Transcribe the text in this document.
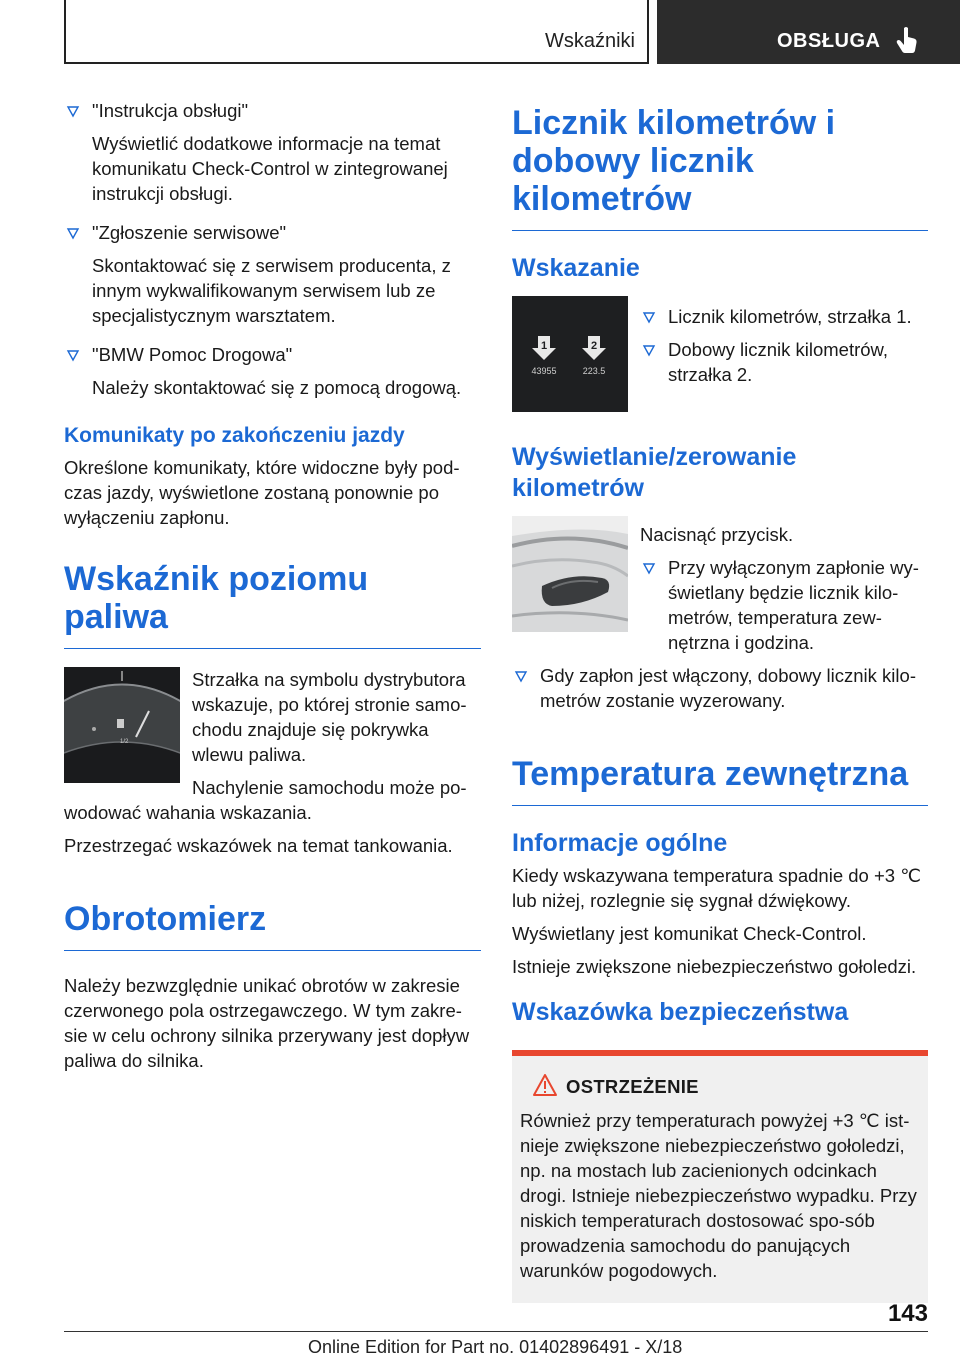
Wskaźniki	OBSŁUGA
"Instrukcja obsługi"
Wyświetlić dodatkowe informacje na temat komunikatu Check-Control w zintegrowanej instrukcji obsługi.
"Zgłoszenie serwisowe"
Skontaktować się z serwisem producenta, z innym wykwalifikowanym serwisem lub ze specjalistycznym warsztatem.
"BMW Pomoc Drogowa"
Należy skontaktować się z pomocą drogową.
Komunikaty po zakończeniu jazdy

Określone komunikaty, które widoczne były pod-czas jazdy, wyświetlone zostaną ponownie po wyłączeniu zapłonu.

Wskaźnik poziomu paliwa
1/2

Strzałka na symbolu dystrybutora wskazuje, po której stronie samo-chodu znajduje się pokrywka wlewu paliwa.

Nachylenie samochodu może po-wodować wahania wskazania.

Przestrzegać wskazówek na temat tankowania.

Obrotomierz

Należy bezwzględnie unikać obrotów w zakresie czerwonego pola ostrzegawczego. W tym zakre-sie w celu ochrony silnika przerywany jest dopływ paliwa do silnika.

Licznik kilometrów i dobowy licznik kilometrów
Wskazanie
1	2
43955	223.5
Licznik kilometrów, strzałka 1.
Dobowy licznik kilometrów, strzałka 2.
Wyświetlanie/zerowanie kilometrów

Nacisnąć przycisk.

Przy wyłączonym zapłonie wy-świetlany będzie licznik kilo-metrów, temperatura zew-nętrzna i godzina.
Gdy zapłon jest włączony, dobowy licznik kilo-metrów zostanie wyzerowany.
Temperatura zewnętrzna
Informacje ogólne

Kiedy wskazywana temperatura spadnie do +3 ℃ lub niżej, rozlegnie się sygnał dźwiękowy.

Wyświetlany jest komunikat Check-Control.

Istnieje zwiększone niebezpieczeństwo gołoledzi.

Wskazówka bezpieczeństwa
OSTRZEŻENIE

Również przy temperaturach powyżej +3 ℃ ist-nieje zwiększone niebezpieczeństwo gołoledzi, np. na mostach lub zacienionych odcinkach drogi. Istnieje niebezpieczeństwo wypadku. Przy niskich temperaturach dostosować spo-sób prowadzenia samochodu do panujących warunków pogodowych.

143
Online Edition for Part no. 01402896491 - X/18
